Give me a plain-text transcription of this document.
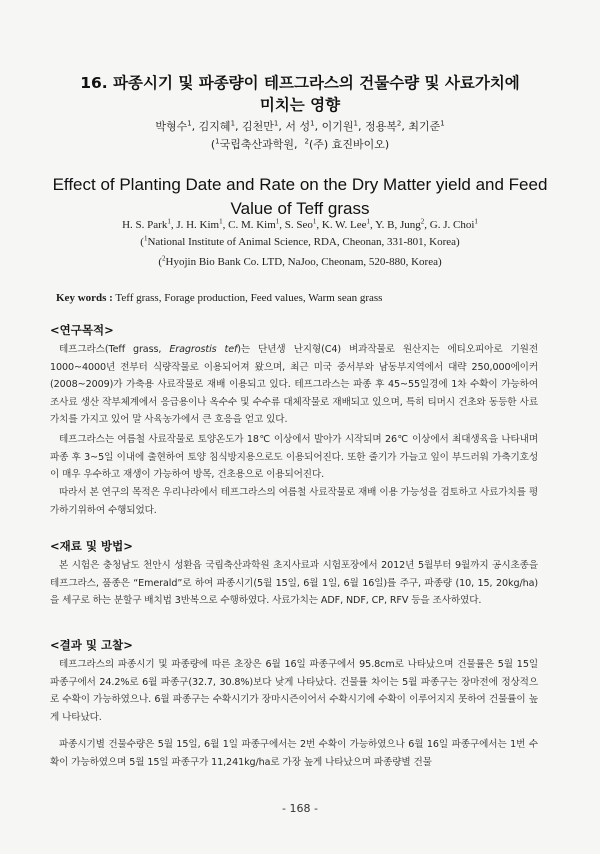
16. 파종시기 및 파종량이 테프그라스의 건물수량 및 사료가치에
미치는 영향
박형수$^1$, 김지혜$^1$, 김천만$^1$, 서 성$^1$, 이기원$^1$, 정용복$^2$, 최기준$^1$
($^1$국립축산과학원, $^2$(주) 효진바이오)
Effect of Planting Date and Rate on the Dry Matter yield and Feed
Value of Teff grass
H. S. Park$^1$, J. H. Kim$^1$, C. M. Kim$^1$, S. Seo$^1$, K. W. Lee$^1$, Y. B, Jung$^2$, G. J. Choi$^1$
($^1$National Institute of Animal Science, RDA, Cheonan, 331-801, Korea)
($^2$Hyojin Bio Bank Co. LTD, NaJoo, Cheonam, 520-880, Korea)
Key words : Teff grass, Forage production, Feed values, Warm sean grass
<연구목적>
테프그라스(Teff grass, Eragrostis tef)는 단년생 난지형(C4) 벼과작물로 원산지는 에티오피아로 기원전 1000~4000년 전부터 식량작물로 이용되어져 왔으며, 최근 미국 중서부와 남동부지역에서 대략 250,000에이커(2008~2009)가 가축용 사료작물로 재배 이용되고 있다. 테프그라스는 파종 후 45~55일경에 1차 수확이 가능하여 조사료 생산 작부체계에서 응급용이나 옥수수 및 수수류 대체작물로 재배되고 있으며, 특히 티머시 건초와 동등한 사료가치를 가지고 있어 말 사육농가에서 큰 호응을 얻고 있다.
테프그라스는 여름철 사료작물로 토양온도가 18℃ 이상에서 발아가 시작되며 26℃ 이상에서 최대생육을 나타내며 파종 후 3~5일 이내에 출현하여 토양 침식방지용으로도 이용되어진다. 또한 줄기가 가늘고 잎이 부드러워 가축기호성이 매우 우수하고 재생이 가능하여 방목, 건초용으로 이용되어진다.
따라서 본 연구의 목적은 우리나라에서 테프그라스의 여름철 사료작물로 재배 이용 가능성을 검토하고 사료가치를 평가하기위하여 수행되었다.
<재료 및 방법>
본 시험은 충청남도 천안시 성환읍 국립축산과학원 초지사료과 시험포장에서 2012년 5월부터 9월까지 공시초종을 테프그라스, 품종은 “Emerald”로 하여 파종시기(5월 15일, 6월 1일, 6월 16일)를 주구, 파종량 (10, 15, 20kg/ha)을 세구로 하는 분할구 배치법 3반복으로 수행하였다. 사료가치는 ADF, NDF, CP, RFV 등을 조사하였다.
<결과 및 고찰>
테프그라스의 파종시기 및 파종량에 따른 초장은 6월 16일 파종구에서 95.8cm로 나타났으며 건물률은 5월 15일 파종구에서 24.2%로 6월 파종구(32.7, 30.8%)보다 낮게 나타났다. 건물률 차이는 5월 파종구는 장마전에 정상적으로 수확이 가능하였으나. 6월 파종구는 수확시기가 장마시즌이어서 수확시기에 수확이 이루어지지 못하여 건물률이 높게 나타났다.
파종시기별 건물수량은 5월 15일, 6월 1일 파종구에서는 2번 수확이 가능하였으나 6월 16일 파종구에서는 1번 수확이 가능하였으며 5월 15일 파종구가 11,241kg/ha로 가장 높게 나타났으며 파종량별 건물
- 168 -
